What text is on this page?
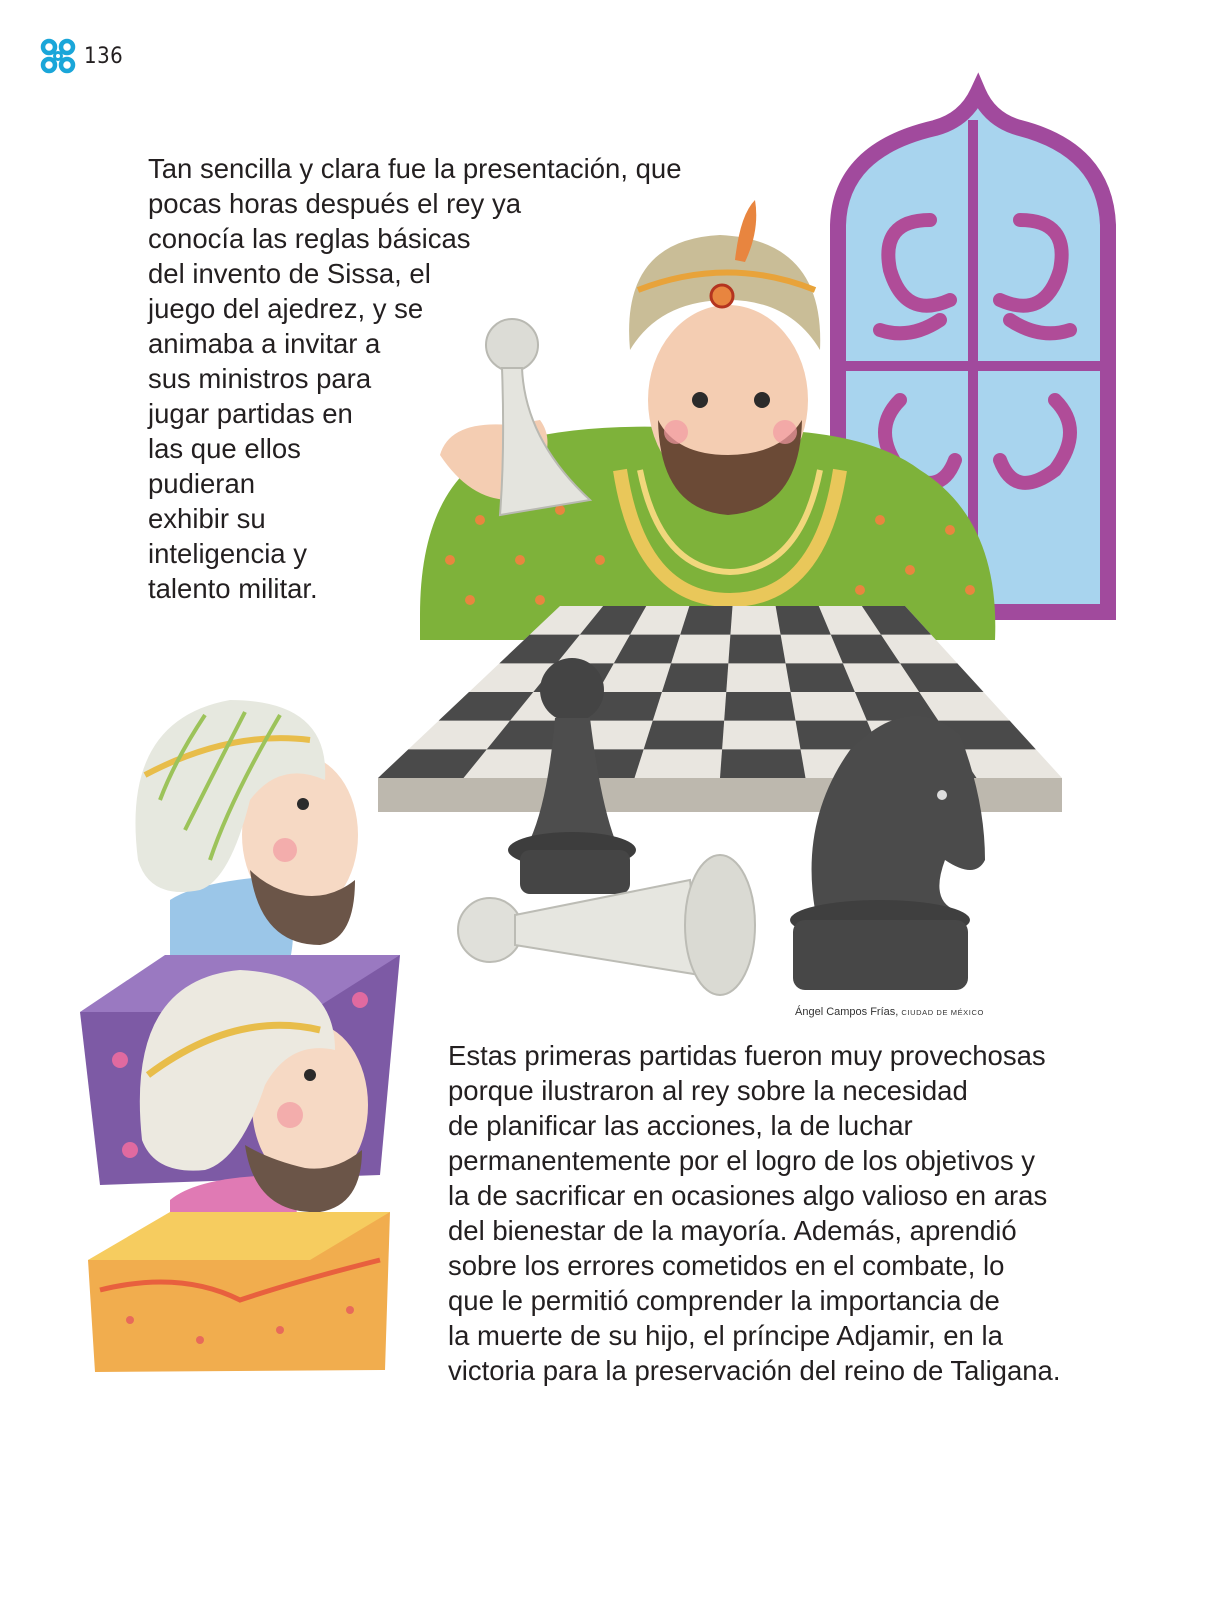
136
Tan sencilla y clara fue la presentación, que
pocas horas después el rey ya
conocía las reglas básicas
del invento de Sissa, el
juego del ajedrez, y se
animaba a invitar a
sus ministros para
jugar partidas en
las que ellos
pudieran
exhibir su
inteligencia y
talento militar.
Ángel Campos Frías, CIUDAD DE MÉXICO
Estas primeras partidas fueron muy provechosas
porque ilustraron al rey sobre la necesidad
de planificar las acciones, la de luchar
permanentemente por el logro de los objetivos y
la de sacrificar en ocasiones algo valioso en aras
del bienestar de la mayoría. Además, aprendió
sobre los errores cometidos en el combate, lo
que le permitió comprender la importancia de
la muerte de su hijo, el príncipe Adjamir, en la
victoria para la preservación del reino de Taligana.
